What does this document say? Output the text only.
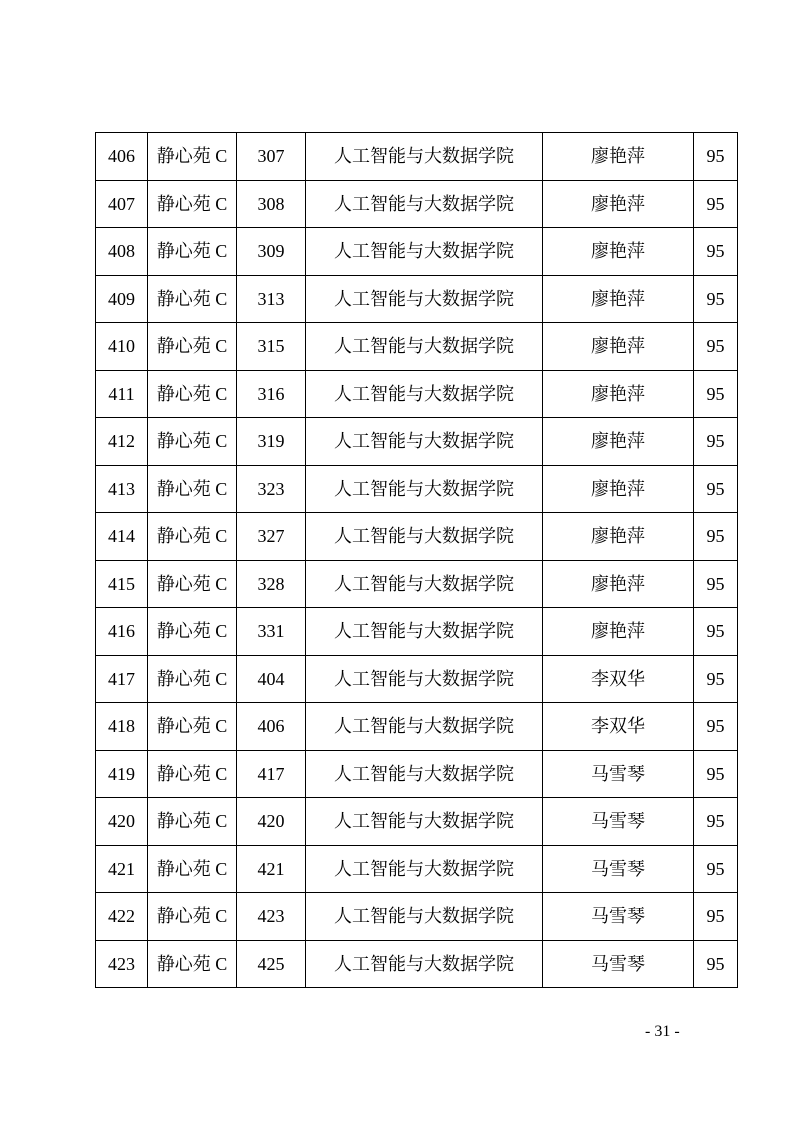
406	静心苑 C	307	人工智能与大数据学院	廖艳萍	95
407	静心苑 C	308	人工智能与大数据学院	廖艳萍	95
408	静心苑 C	309	人工智能与大数据学院	廖艳萍	95
409	静心苑 C	313	人工智能与大数据学院	廖艳萍	95
410	静心苑 C	315	人工智能与大数据学院	廖艳萍	95
411	静心苑 C	316	人工智能与大数据学院	廖艳萍	95
412	静心苑 C	319	人工智能与大数据学院	廖艳萍	95
413	静心苑 C	323	人工智能与大数据学院	廖艳萍	95
414	静心苑 C	327	人工智能与大数据学院	廖艳萍	95
415	静心苑 C	328	人工智能与大数据学院	廖艳萍	95
416	静心苑 C	331	人工智能与大数据学院	廖艳萍	95
417	静心苑 C	404	人工智能与大数据学院	李双华	95
418	静心苑 C	406	人工智能与大数据学院	李双华	95
419	静心苑 C	417	人工智能与大数据学院	马雪琴	95
420	静心苑 C	420	人工智能与大数据学院	马雪琴	95
421	静心苑 C	421	人工智能与大数据学院	马雪琴	95
422	静心苑 C	423	人工智能与大数据学院	马雪琴	95
423	静心苑 C	425	人工智能与大数据学院	马雪琴	95
- 31 -
